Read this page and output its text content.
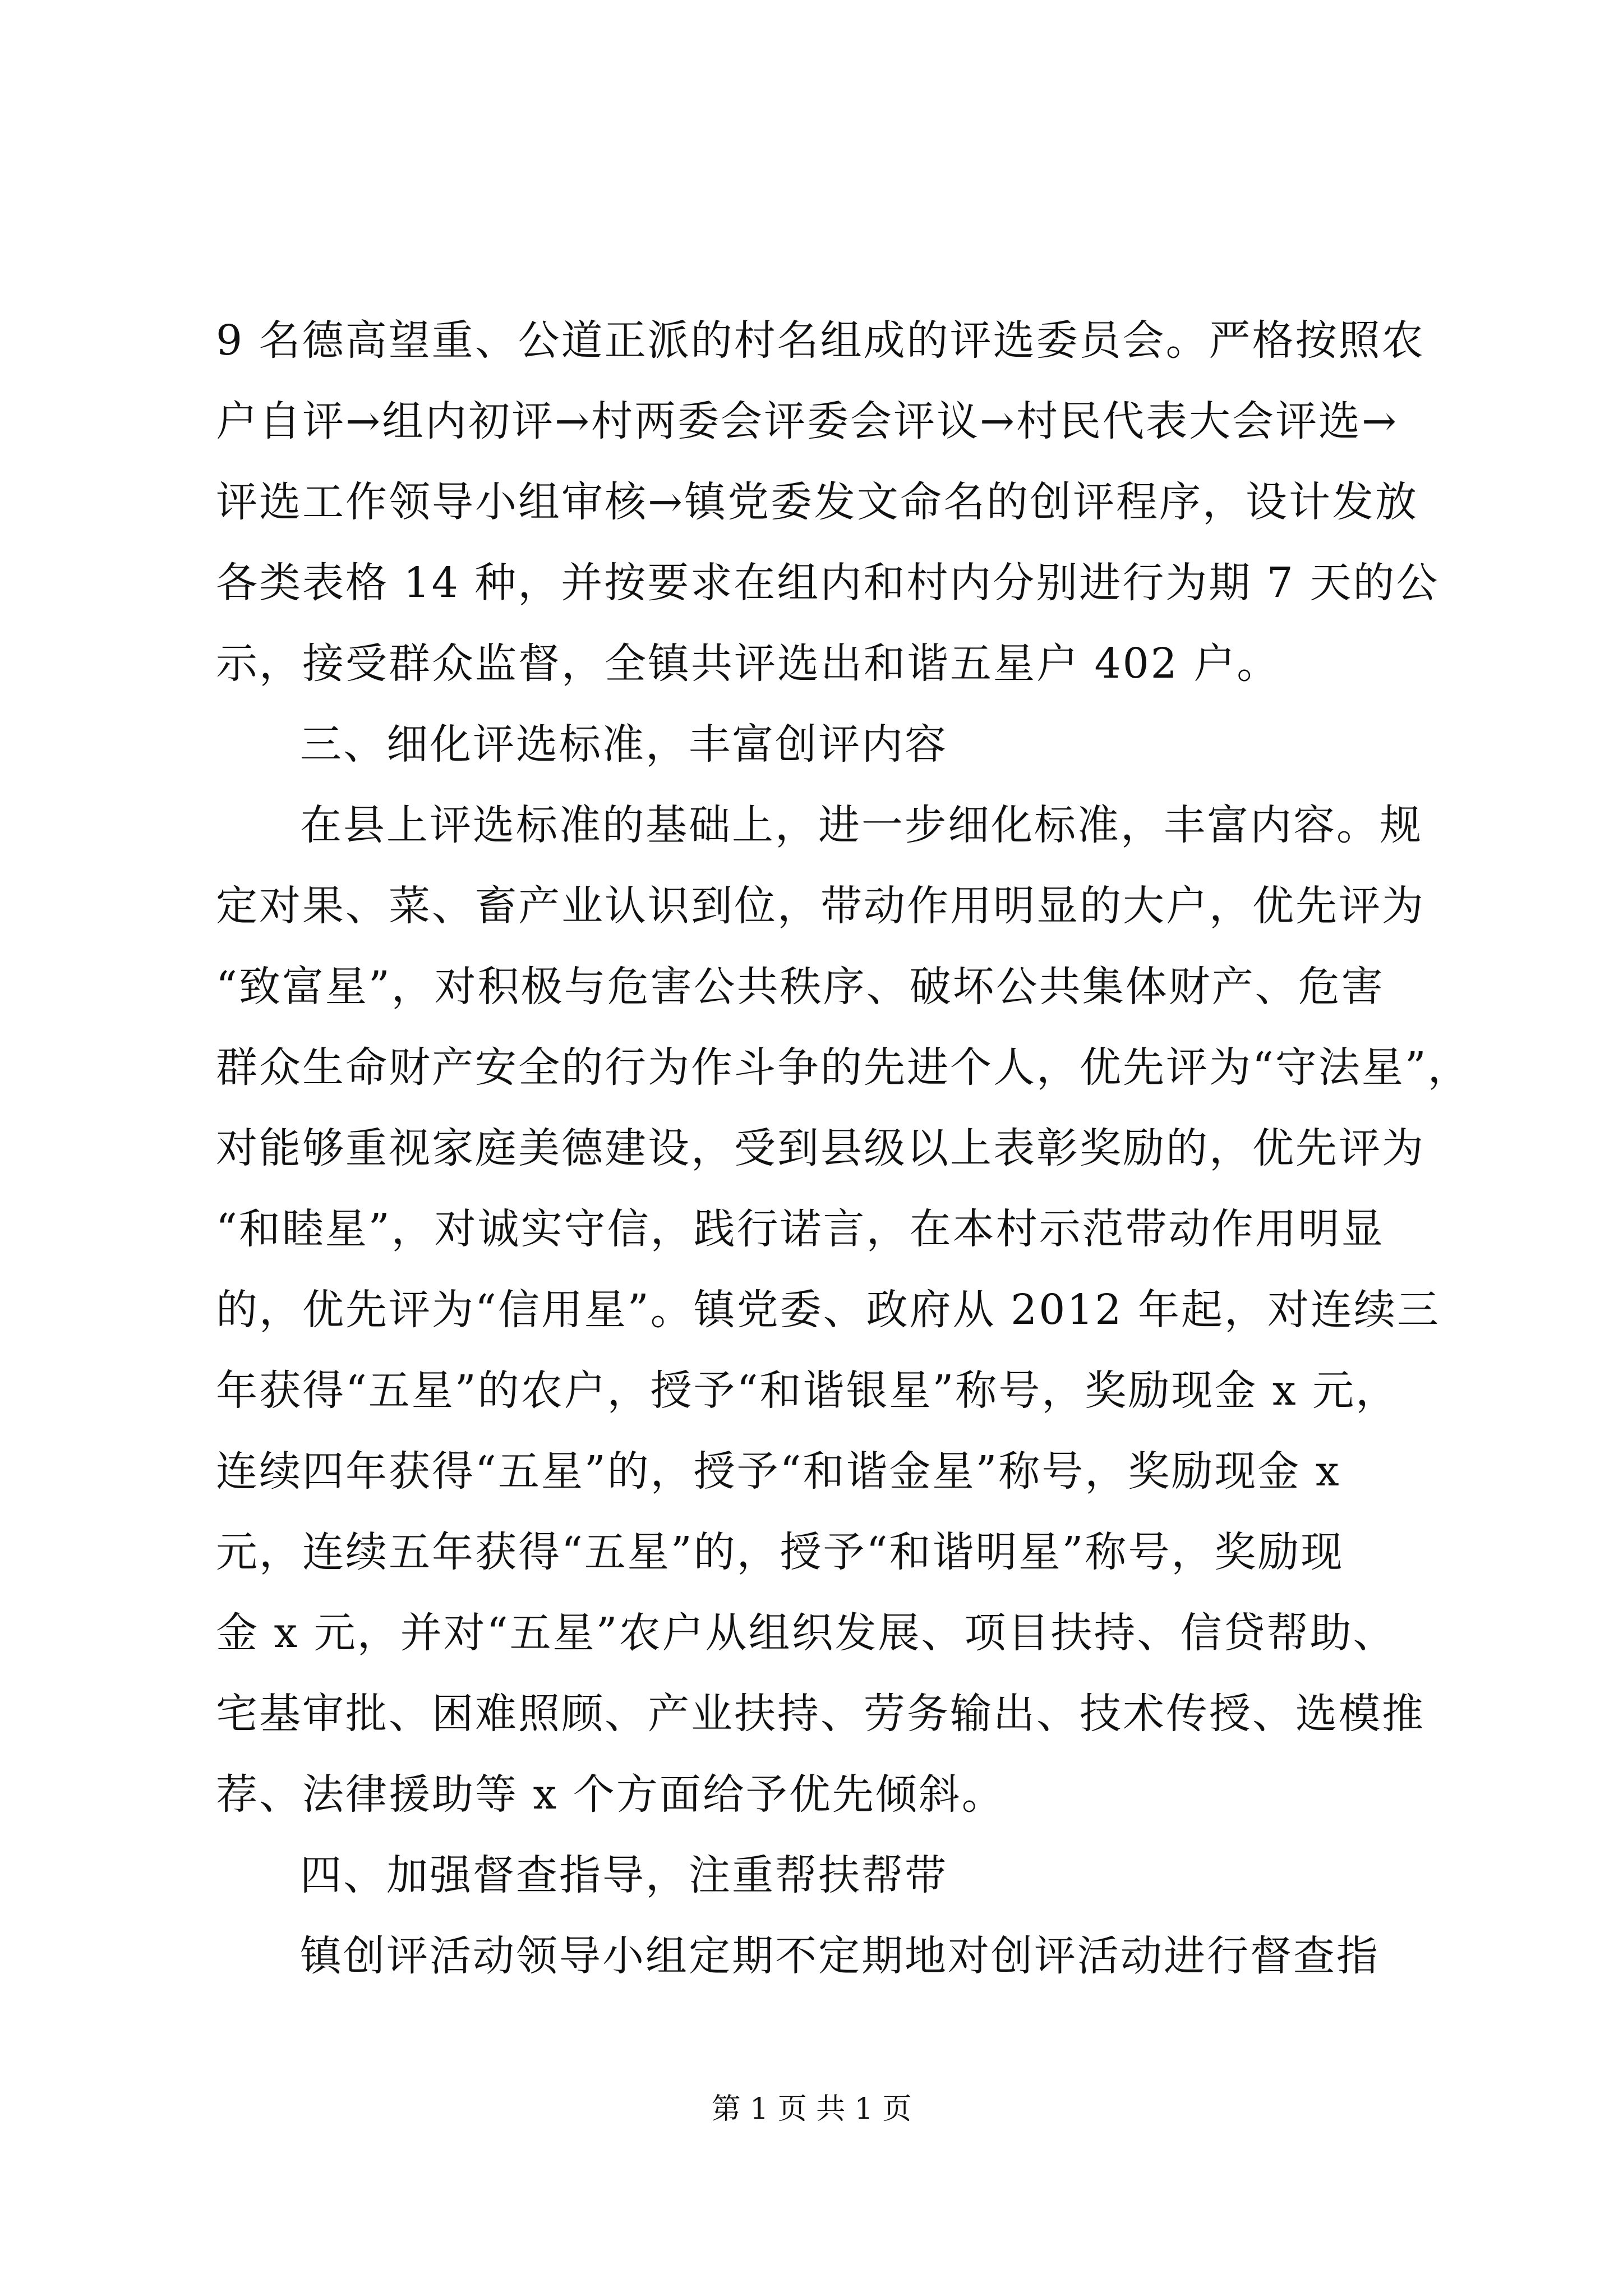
9 名德高望重、公道正派的村名组成的评选委员会。严格按照农
户自评→组内初评→村两委会评委会评议→村民代表大会评选→
评选工作领导小组审核→镇党委发文命名的创评程序，设计发放
各类表格 14 种，并按要求在组内和村内分别进行为期 7 天的公
示，接受群众监督，全镇共评选出和谐五星户 402 户。
三、细化评选标准，丰富创评内容
在县上评选标准的基础上，进一步细化标准，丰富内容。规
定对果、菜、畜产业认识到位，带动作用明显的大户，优先评为
“致富星”，对积极与危害公共秩序、破坏公共集体财产、危害
群众生命财产安全的行为作斗争的先进个人，优先评为“守法星”，
对能够重视家庭美德建设，受到县级以上表彰奖励的，优先评为
“和睦星”，对诚实守信，践行诺言，在本村示范带动作用明显
的，优先评为“信用星”。镇党委、政府从 2012 年起，对连续三
年获得“五星”的农户，授予“和谐银星”称号，奖励现金 x 元，
连续四年获得“五星”的，授予“和谐金星”称号，奖励现金 x
元，连续五年获得“五星”的，授予“和谐明星”称号，奖励现
金 x 元，并对“五星”农户从组织发展、项目扶持、信贷帮助、
宅基审批、困难照顾、产业扶持、劳务输出、技术传授、选模推
荐、法律援助等 x 个方面给予优先倾斜。
四、加强督查指导，注重帮扶帮带
镇创评活动领导小组定期不定期地对创评活动进行督查指
第 1 页 共 1 页
